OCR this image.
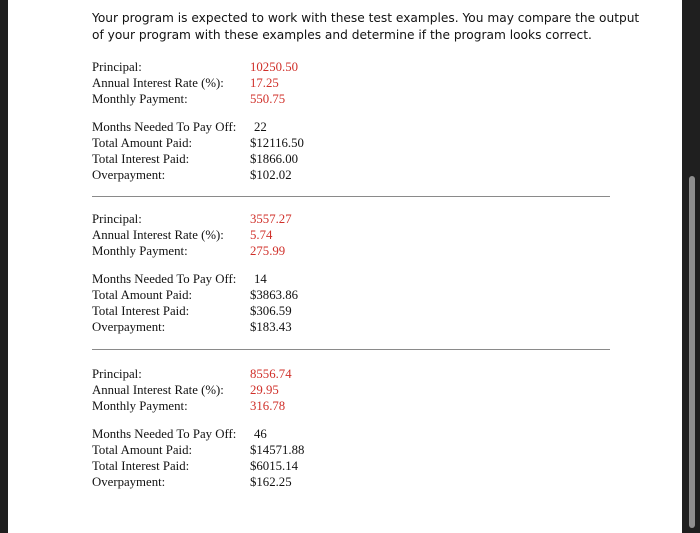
Your program is expected to work with these test examples. You may compare the output of your program with these examples and determine if the program looks correct.
Principal:	10250.50
Annual Interest Rate (%): 17.25
Monthly Payment:	550.75
Months Needed To Pay Off: 22
Total Amount Paid:	$12116.50
Total Interest Paid:	$1866.00
Overpayment:	$102.02
Principal:	3557.27
Annual Interest Rate (%): 5.74
Monthly Payment:	275.99
Months Needed To Pay Off: 14
Total Amount Paid:	$3863.86
Total Interest Paid:	$306.59
Overpayment:	$183.43
Principal:	8556.74
Annual Interest Rate (%): 29.95
Monthly Payment:	316.78
Months Needed To Pay Off: 46
Total Amount Paid:	$14571.88
Total Interest Paid:	$6015.14
Overpayment:	$162.25
